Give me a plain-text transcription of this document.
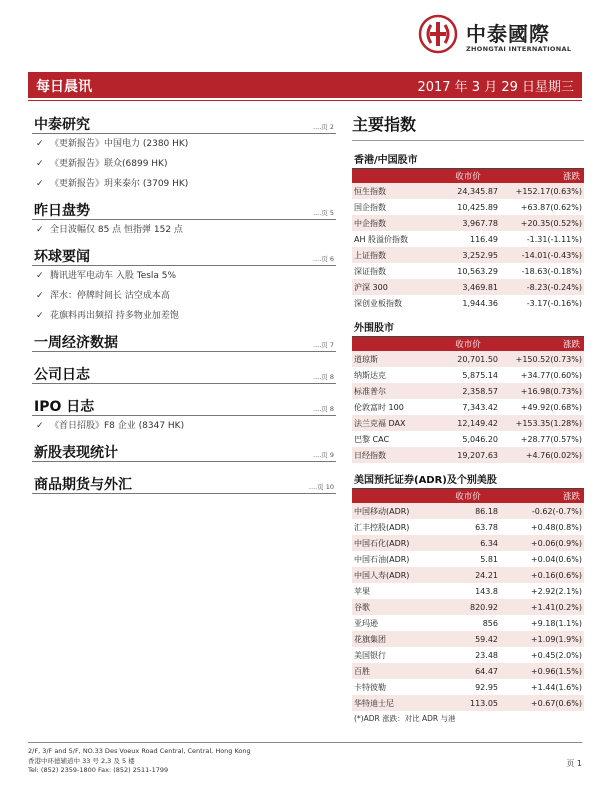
中泰國際
ZHONGTAI INTERNATIONAL
每日晨讯	2017 年 3 月 29 日星期三
中泰研究	....页 2
✓ 《更新报告》中国电力 (2380 HK)
✓ 《更新报告》联众(6899 HK)
✓ 《更新报告》玥来泰尔 (3709 HK)
昨日盘势	....页 5
✓ 全日波幅仅 85 点 恒指弹 152 点
环球要闻	....页 6
✓ 腾讯进军电动车 入股 Tesla 5%
✓ 浑水：停牌时间长 沽空成本高
✓ 花旗料再出频招 持多物业加差饱
一周经济数据	....页 7
公司日志	....页 8
IPO 日志	....页 8
✓ 《首日招股》F8 企业 (8347 HK)
新股表现统计	....页 9
商品期货与外汇	....页 10
主要指数
香港/中国股市
	收市价	涨跌
恒生指数	24,345.87	+152.17(0.63%)
国企指数	10,425.89	+63.87(0.62%)
中企指数	3,967.78	+20.35(0.52%)
AH 股溢价指数	116.49	-1.31(-1.11%)
上证指数	3,252.95	-14.01(-0.43%)
深证指数	10,563.29	-18.63(-0.18%)
沪深 300	3,469.81	-8.23(-0.24%)
深创业板指数	1,944.36	-3.17(-0.16%)
外围股市
	收市价	涨跌
道琼斯	20,701.50	+150.52(0.73%)
纳斯达克	5,875.14	+34.77(0.60%)
标准普尔	2,358.57	+16.98(0.73%)
伦敦富时 100	7,343.42	+49.92(0.68%)
法兰克福 DAX	12,149.42	+153.35(1.28%)
巴黎 CAC	5,046.20	+28.77(0.57%)
日经指数	19,207.63	+4.76(0.02%)
美国预托证券(ADR)及个别美股
	收市价	涨跌
中国移动(ADR)	86.18	-0.62(-0.7%)
汇丰控股(ADR)	63.78	+0.48(0.8%)
中国石化(ADR)	6.34	+0.06(0.9%)
中国石油(ADR)	5.81	+0.04(0.6%)
中国人寿(ADR)	24.21	+0.16(0.6%)
苹果	143.8	+2.92(2.1%)
谷歌	820.92	+1.41(0.2%)
亚玛逊	856	+9.18(1.1%)
花旗集团	59.42	+1.09(1.9%)
美国银行	23.48	+0.45(2.0%)
百胜	64.47	+0.96(1.5%)
卡特彼勒	92.95	+1.44(1.6%)
华特迪士尼	113.05	+0.67(0.6%)
(*)ADR 涨跌：对比 ADR 与港
2/F, 3/F and 5/F, NO.33 Des Voeux Road Central, Central, Hong Kong
香港中环德辅道中 33 号 2,3 及 5 楼
Tel: (852) 2359-1800 Fax: (852) 2511-1799
页 1
